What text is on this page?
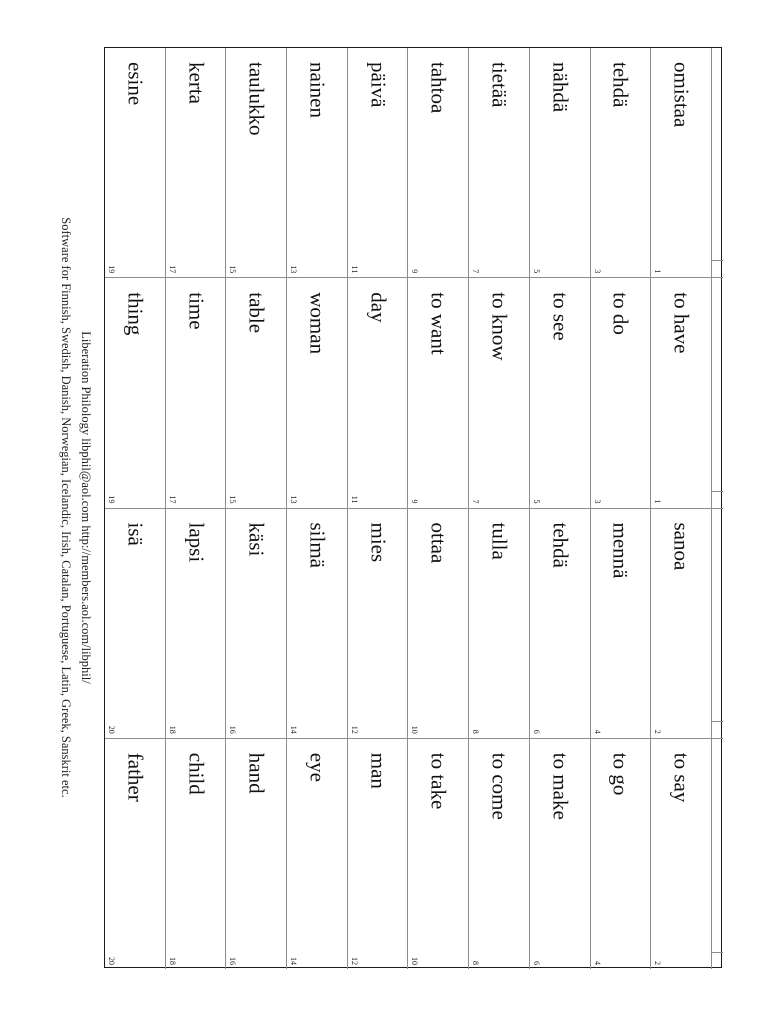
omistaa
1
to have
1
sanoa
2
to say
2
tehdä
3
to do
3
mennä
4
to go
4
nähdä
5
to see
5
tehdä
6
to make
6
tietää
7
to know
7
tulla
8
to come
8
tahtoa
9
to want
9
ottaa
10
to take
10
päivä
11
day
11
mies
12
man
12
nainen
13
woman
13
silmä
14
eye
14
taulukko
15
table
15
käsi
16
hand
16
kerta
17
time
17
lapsi
18
child
18
esine
19
thing
19
isä
20
father
20
Liberation Philology libphil@aol.com http://members.aol.com/libphil/
Software for Finnish, Swedish, Danish, Norwegian, Icelandic, Irish, Catalan, Portuguese, Latin, Greek, Sanskrit etc.
